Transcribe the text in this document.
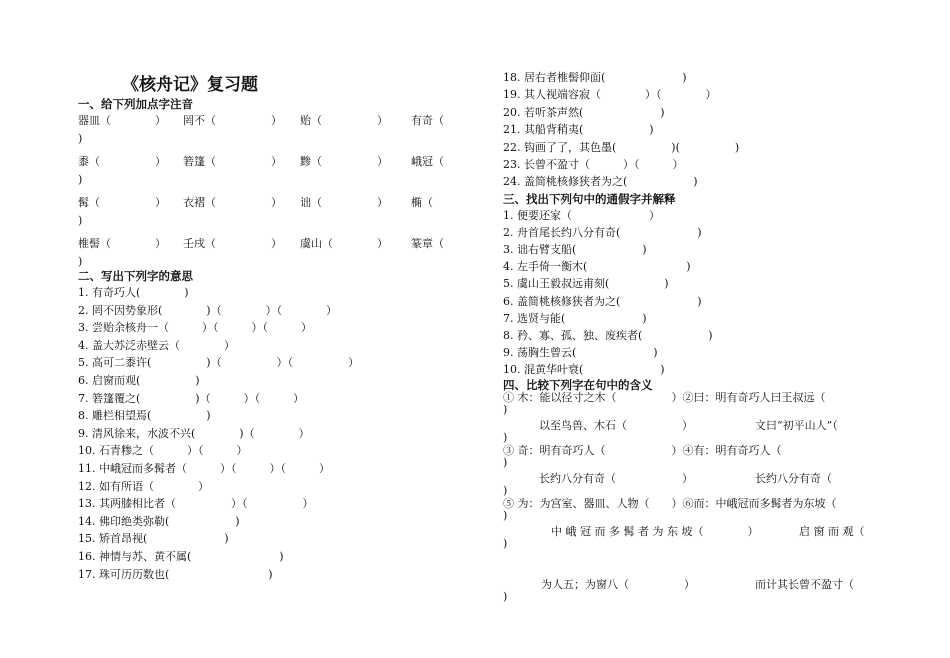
《核舟记》复习题
一、给下列加点字注音
器皿（　　　　） 罔不（　　　　　） 贻（　　　　　） 有奇（
)
黍（　　　　　） 箬篷（　　　　　） 黪（　　　　　） 峨冠（
)
髯（　　　　　） 衣褶（　　　　　） 诎（　　　　　） 椭（
)
椎髻（　　　　） 壬戌（　　　　　） 虞山（　　　　） 篆章（
)
二、写出下列字的意思
1. 有奇巧人(　　　　)
2. 罔不因势象形(　　　　)（　　　　）（　　　　）
3. 尝贻余核舟一（　　　）（　　　）（　　　）
4. 盖大苏泛赤壁云（　　　　）
5. 高可二黍许(　　　　　)（　　　　　）（　　　　　）
6. 启窗而观(　　　　　)
7. 箬篷覆之(　　　　　)（　　　）（　　　）
8. 雕栏相望焉(　　　　　)
9. 清风徐来，水波不兴(　　　　)（　　　　）
10. 石青糁之（　　　）（　　　）
11. 中峨冠而多髯者（　　　）（　　　）（　　　）
12. 如有所语（　　　　）
13. 其两膝相比者（　　　　　）（　　　　　）
14. 佛印绝类弥勒(　　　　　　)
15. 矫首昂视(　　　　　　　)
16. 神情与苏、黄不属(　　　　　　　　)
17. 珠可历历数也(　　　　　　　　　)
18. 居右者椎髻仰面(　　　　　　　)
19. 其人视端容寂（　　　　）（　　　　）
20. 若听茶声然(　　　　　　　)
21. 其船背稍夷(　　　　　　)
22. 钩画了了，其色墨(　　　　　)(　　　　　)
23. 长曾不盈寸（　　　）（　　　）
24. 盖简桃核修狭者为之(　　　　　　)
三、找出下列句中的通假字并解释
1. 便要还家（　　　　　　　）
2. 舟首尾长约八分有奇(　　　　　　　)
3. 诎右臂支船(　　　　　　)
4. 左手倚一衡木(　　　　　　　　　)
5. 虞山王毅叔远甫刻(　　　　　)
6. 盖简桃核修狭者为之(　　　　　　　)
7. 选贤与能(　　　　　　　)
8. 矜、寡、孤、独、废疾者(　　　　　　)
9. 荡胸生曾云(　　　　　　　)
10. 混黄华叶衰(　　　　　　　)
四、比较下列字在句中的含义
① 木：能以径寸之木（　　　　　）②曰：明有奇巧人曰王叔远（
)
以至鸟兽、木石（　　　　　）	文曰“初平山人”（
)
③ 奇：明有奇巧人（　　　　　　）④有：明有奇巧人（
)
长约八分有奇（　　　　　　）	长约八分有奇（
)
⑤ 为：为宫室、器皿、人物（　　）⑥而：中峨冠而多髯者为东坡（
)
中 峨 冠 而 多 髯 者 为 东 坡（　　　　）	启 窗 而 观（
)
为人五；为窗八（　　　　　）	而计其长曾不盈寸（
)
